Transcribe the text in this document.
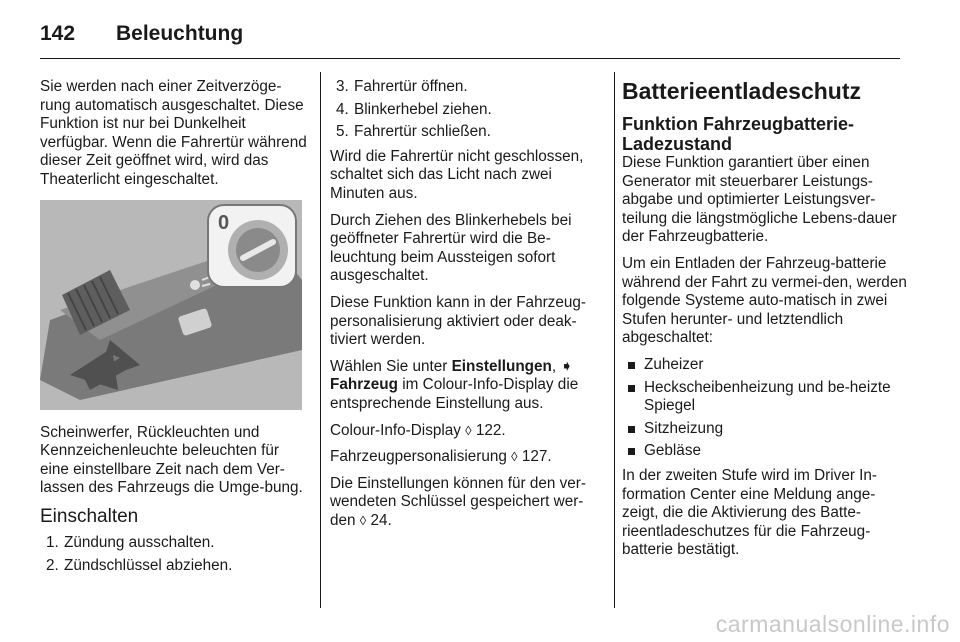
142 Beleuchtung

Sie werden nach einer Zeitverzöge-rung automatisch ausgeschaltet. Diese Funktion ist nur bei Dunkelheit verfügbar. Wenn die Fahrertür während dieser Zeit geöffnet wird, wird das Theaterlicht eingeschaltet.

0

Scheinwerfer, Rückleuchten und Kennzeichenleuchte beleuchten für eine einstellbare Zeit nach dem Ver-lassen des Fahrzeugs die Umge-bung.

Einschalten
1. Zündung ausschalten.
2. Zündschlüssel abziehen.
3. Fahrertür öffnen.
4. Blinkerhebel ziehen.
5. Fahrertür schließen.

Wird die Fahrertür nicht geschlossen, schaltet sich das Licht nach zwei Minuten aus.

Durch Ziehen des Blinkerhebels bei geöffneter Fahrertür wird die Be-leuchtung beim Aussteigen sofort ausgeschaltet.

Diese Funktion kann in der Fahrzeug-personalisierung aktiviert oder deak-tiviert werden.

Wählen Sie unter Einstellungen, ➧ Fahrzeug im Colour-Info-Display die entsprechende Einstellung aus.

Colour-Info-Display ◊ 122.

Fahrzeugpersonalisierung ◊ 127.

Die Einstellungen können für den ver-wendeten Schlüssel gespeichert wer-den ◊ 24.

Batterieentladeschutz
Funktion Fahrzeugbatterie-Ladezustand

Diese Funktion garantiert über einen Generator mit steuerbarer Leistungs-abgabe und optimierter Leistungsver-teilung die längstmögliche Lebens-dauer der Fahrzeugbatterie.

Um ein Entladen der Fahrzeug-batterie während der Fahrt zu vermei-den, werden folgende Systeme auto-matisch in zwei Stufen herunter- und letztendlich abgeschaltet:

Zuheizer
Heckscheibenheizung und be-heizte Spiegel
Sitzheizung
Gebläse

In der zweiten Stufe wird im Driver In-formation Center eine Meldung ange-zeigt, die die Aktivierung des Batte-rieentladeschutzes für die Fahrzeug-batterie bestätigt.

carmanualsonline.info
